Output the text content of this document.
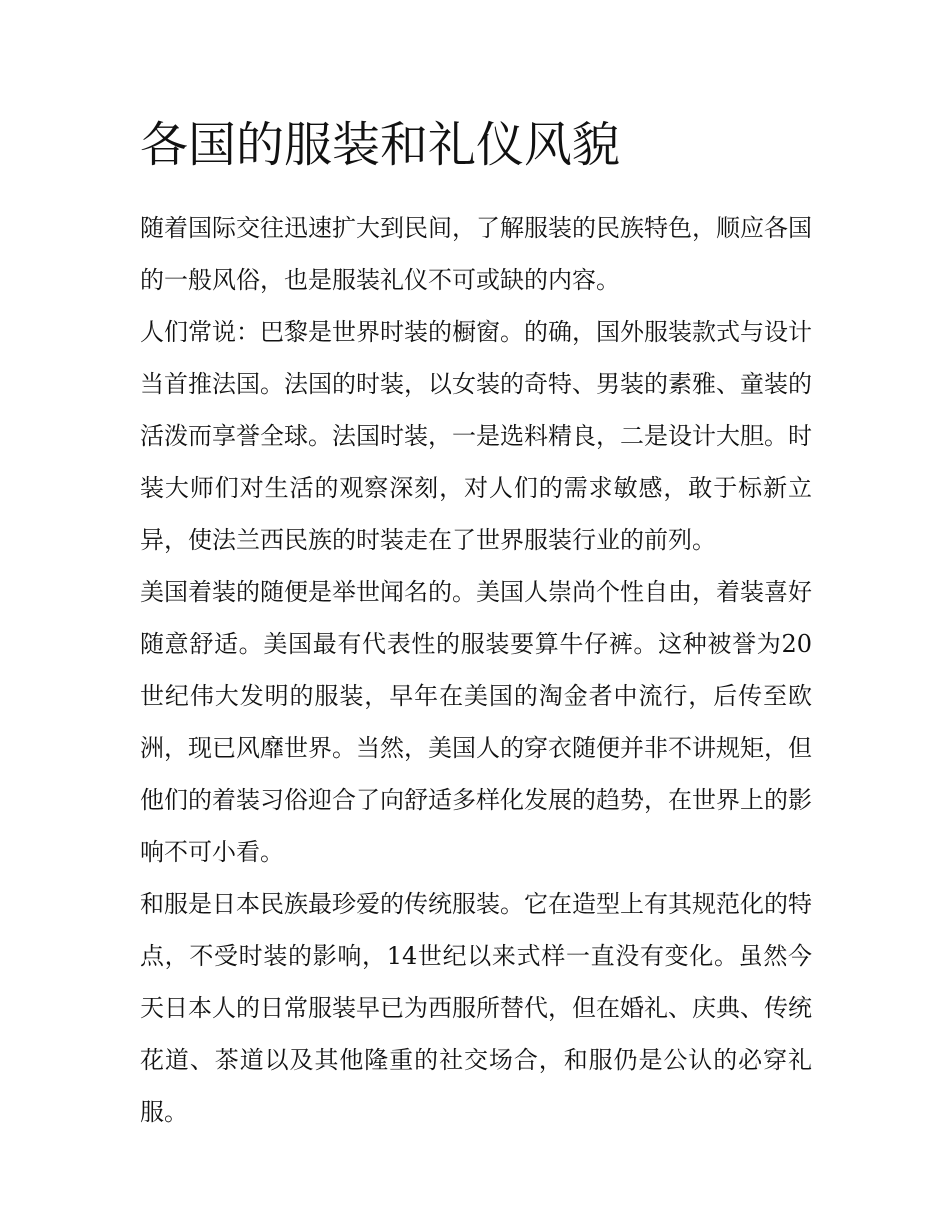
各国的服装和礼仪风貌

随着国际交往迅速扩大到民间，了解服装的民族特色，顺应各国的一般风俗，也是服装礼仪不可或缺的内容。

人们常说：巴黎是世界时装的橱窗。的确，国外服装款式与设计当首推法国。法国的时装，以女装的奇特、男装的素雅、童装的活泼而享誉全球。法国时装，一是选料精良，二是设计大胆。时装大师们对生活的观察深刻，对人们的需求敏感，敢于标新立异，使法兰西民族的时装走在了世界服装行业的前列。

美国着装的随便是举世闻名的。美国人崇尚个性自由，着装喜好随意舒适。美国最有代表性的服装要算牛仔裤。这种被誉为20世纪伟大发明的服装，早年在美国的淘金者中流行，后传至欧洲，现已风靡世界。当然，美国人的穿衣随便并非不讲规矩，但他们的着装习俗迎合了向舒适多样化发展的趋势，在世界上的影响不可小看。

和服是日本民族最珍爱的传统服装。它在造型上有其规范化的特点，不受时装的影响，14世纪以来式样一直没有变化。虽然今天日本人的日常服装早已为西服所替代，但在婚礼、庆典、传统花道、茶道以及其他隆重的社交场合，和服仍是公认的必穿礼服。
